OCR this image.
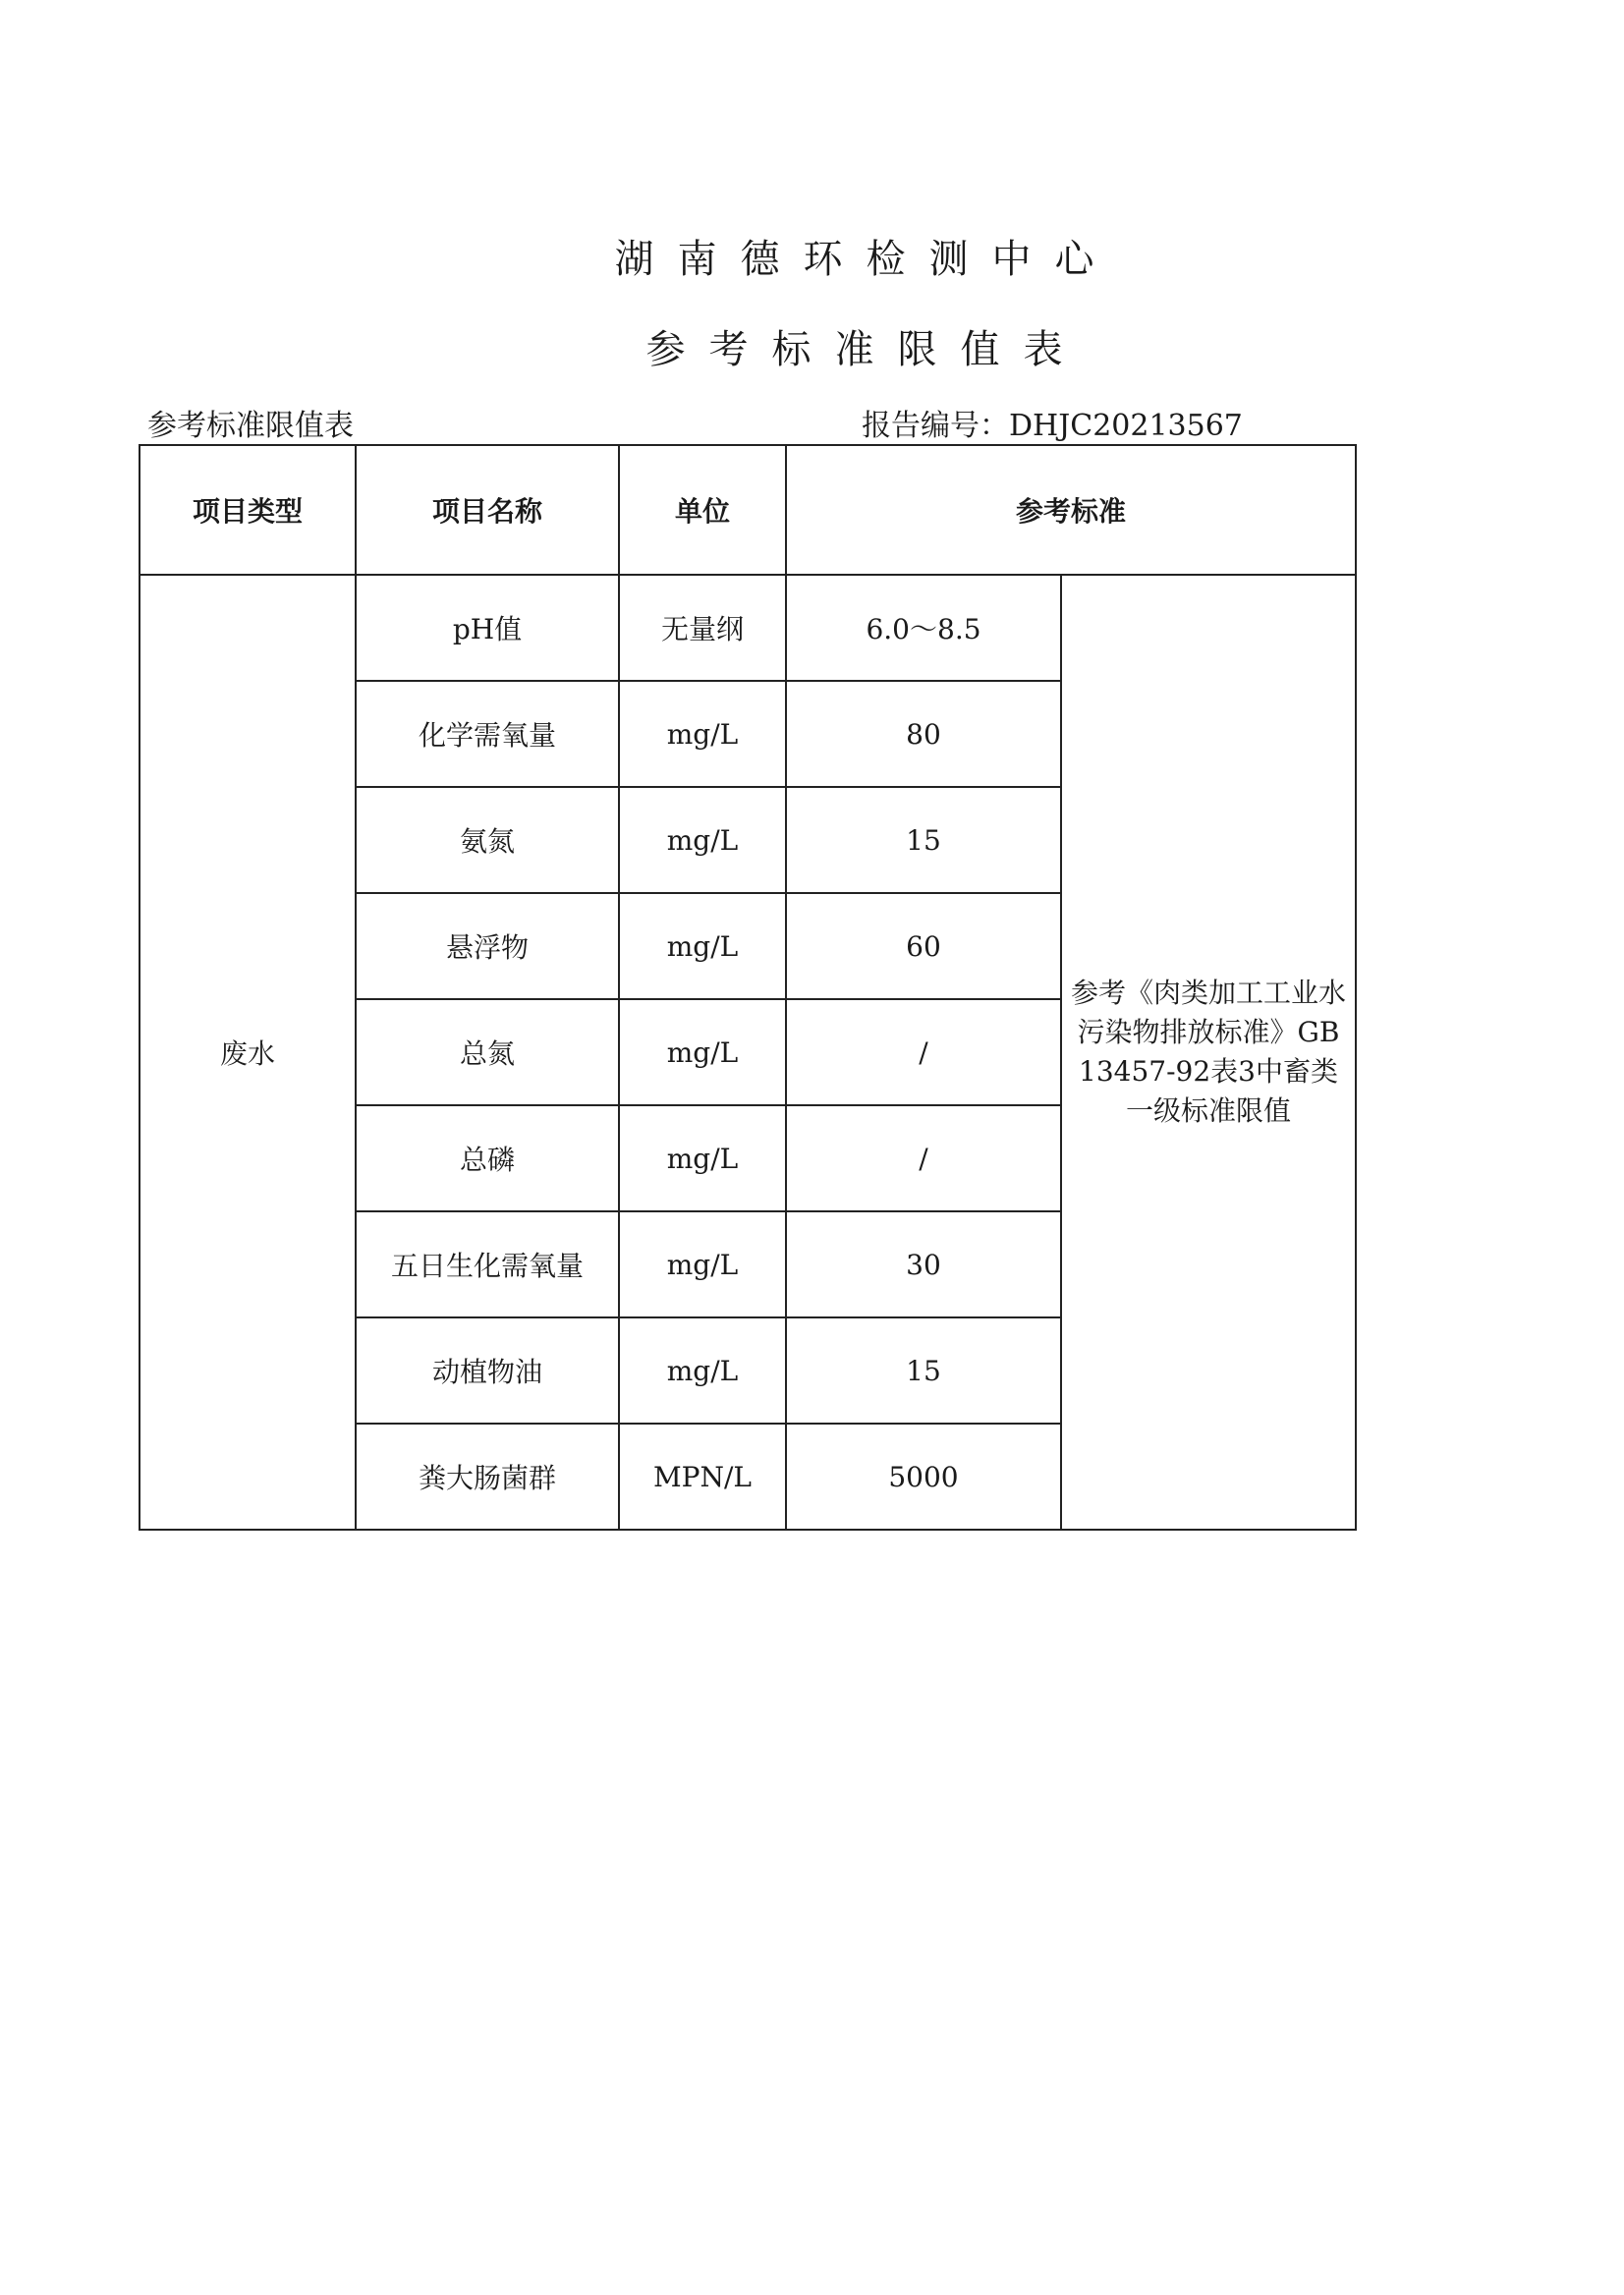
湖南德环检测中心
参考标准限值表
参考标准限值表	报告编号：DHJC20213567
项目类型	项目名称	单位	参考标准	
废水	pH值	无量纲	6.0～8.5	参考《肉类加工工业水污染物排放标准》GB 13457-92表3中畜类一级标准限值
	化学需氧量	mg/L	80	
	氨氮	mg/L	15	
	悬浮物	mg/L	60	
	总氮	mg/L	/	
	总磷	mg/L	/	
	五日生化需氧量	mg/L	30	
	动植物油	mg/L	15	
	粪大肠菌群	MPN/L	5000	
